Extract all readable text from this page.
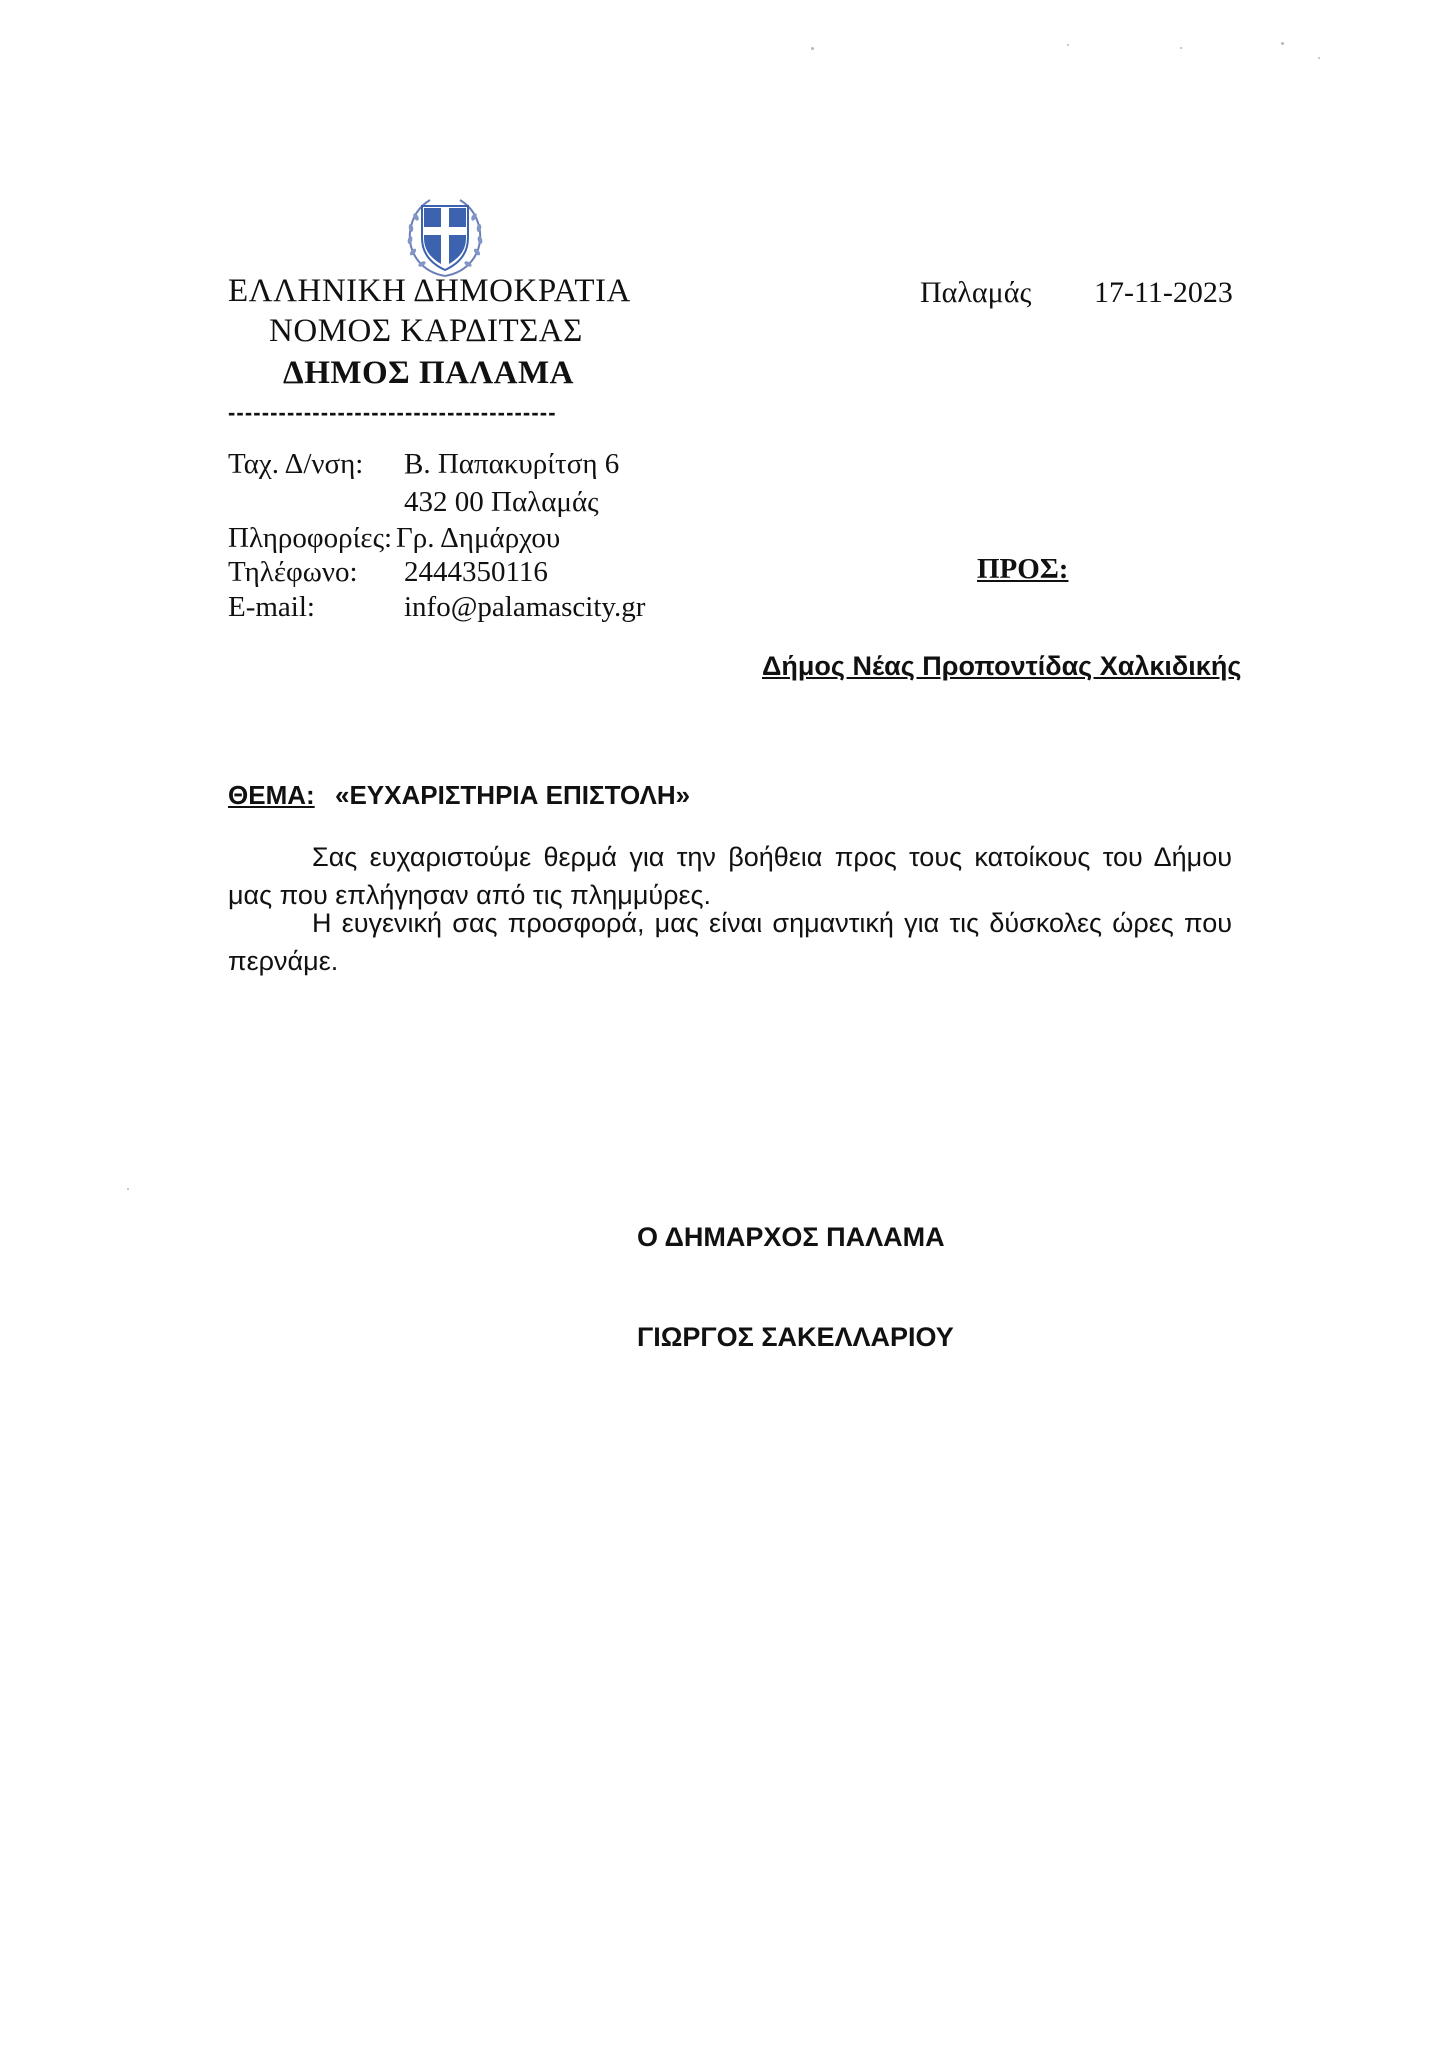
ΕΛΛΗΝΙΚΗ ΔΗΜΟΚΡΑΤΙΑ
ΝΟΜΟΣ ΚΑΡΔΙΤΣΑΣ
ΔΗΜΟΣ ΠΑΛΑΜΑ
---------------------------------------
Παλαμάς 17-11-2023
Ταχ. Δ/νση: Β. Παπακυρίτση 6
432 00 Παλαμάς
Πληροφορίες: Γρ. Δημάρχου
Τηλέφωνο: 2444350116
E-mail:	info@palamascity.gr
ΠΡΟΣ:
Δήμος Νέας Προποντίδας Χαλκιδικής
ΘΕΜΑ: «ΕΥΧΑΡΙΣΤΗΡΙΑ ΕΠΙΣΤΟΛΗ»
Σας ευχαριστούμε θερμά για την βοήθεια προς τους κατοίκους του Δήμου μας που επλήγησαν από τις πλημμύρες.
Η ευγενική σας προσφορά, μας είναι σημαντική για τις δύσκολες ώρες που περνάμε.
Ο ΔΗΜΑΡΧΟΣ ΠΑΛΑΜΑ
ΓΙΩΡΓΟΣ ΣΑΚΕΛΛΑΡΙΟΥ
